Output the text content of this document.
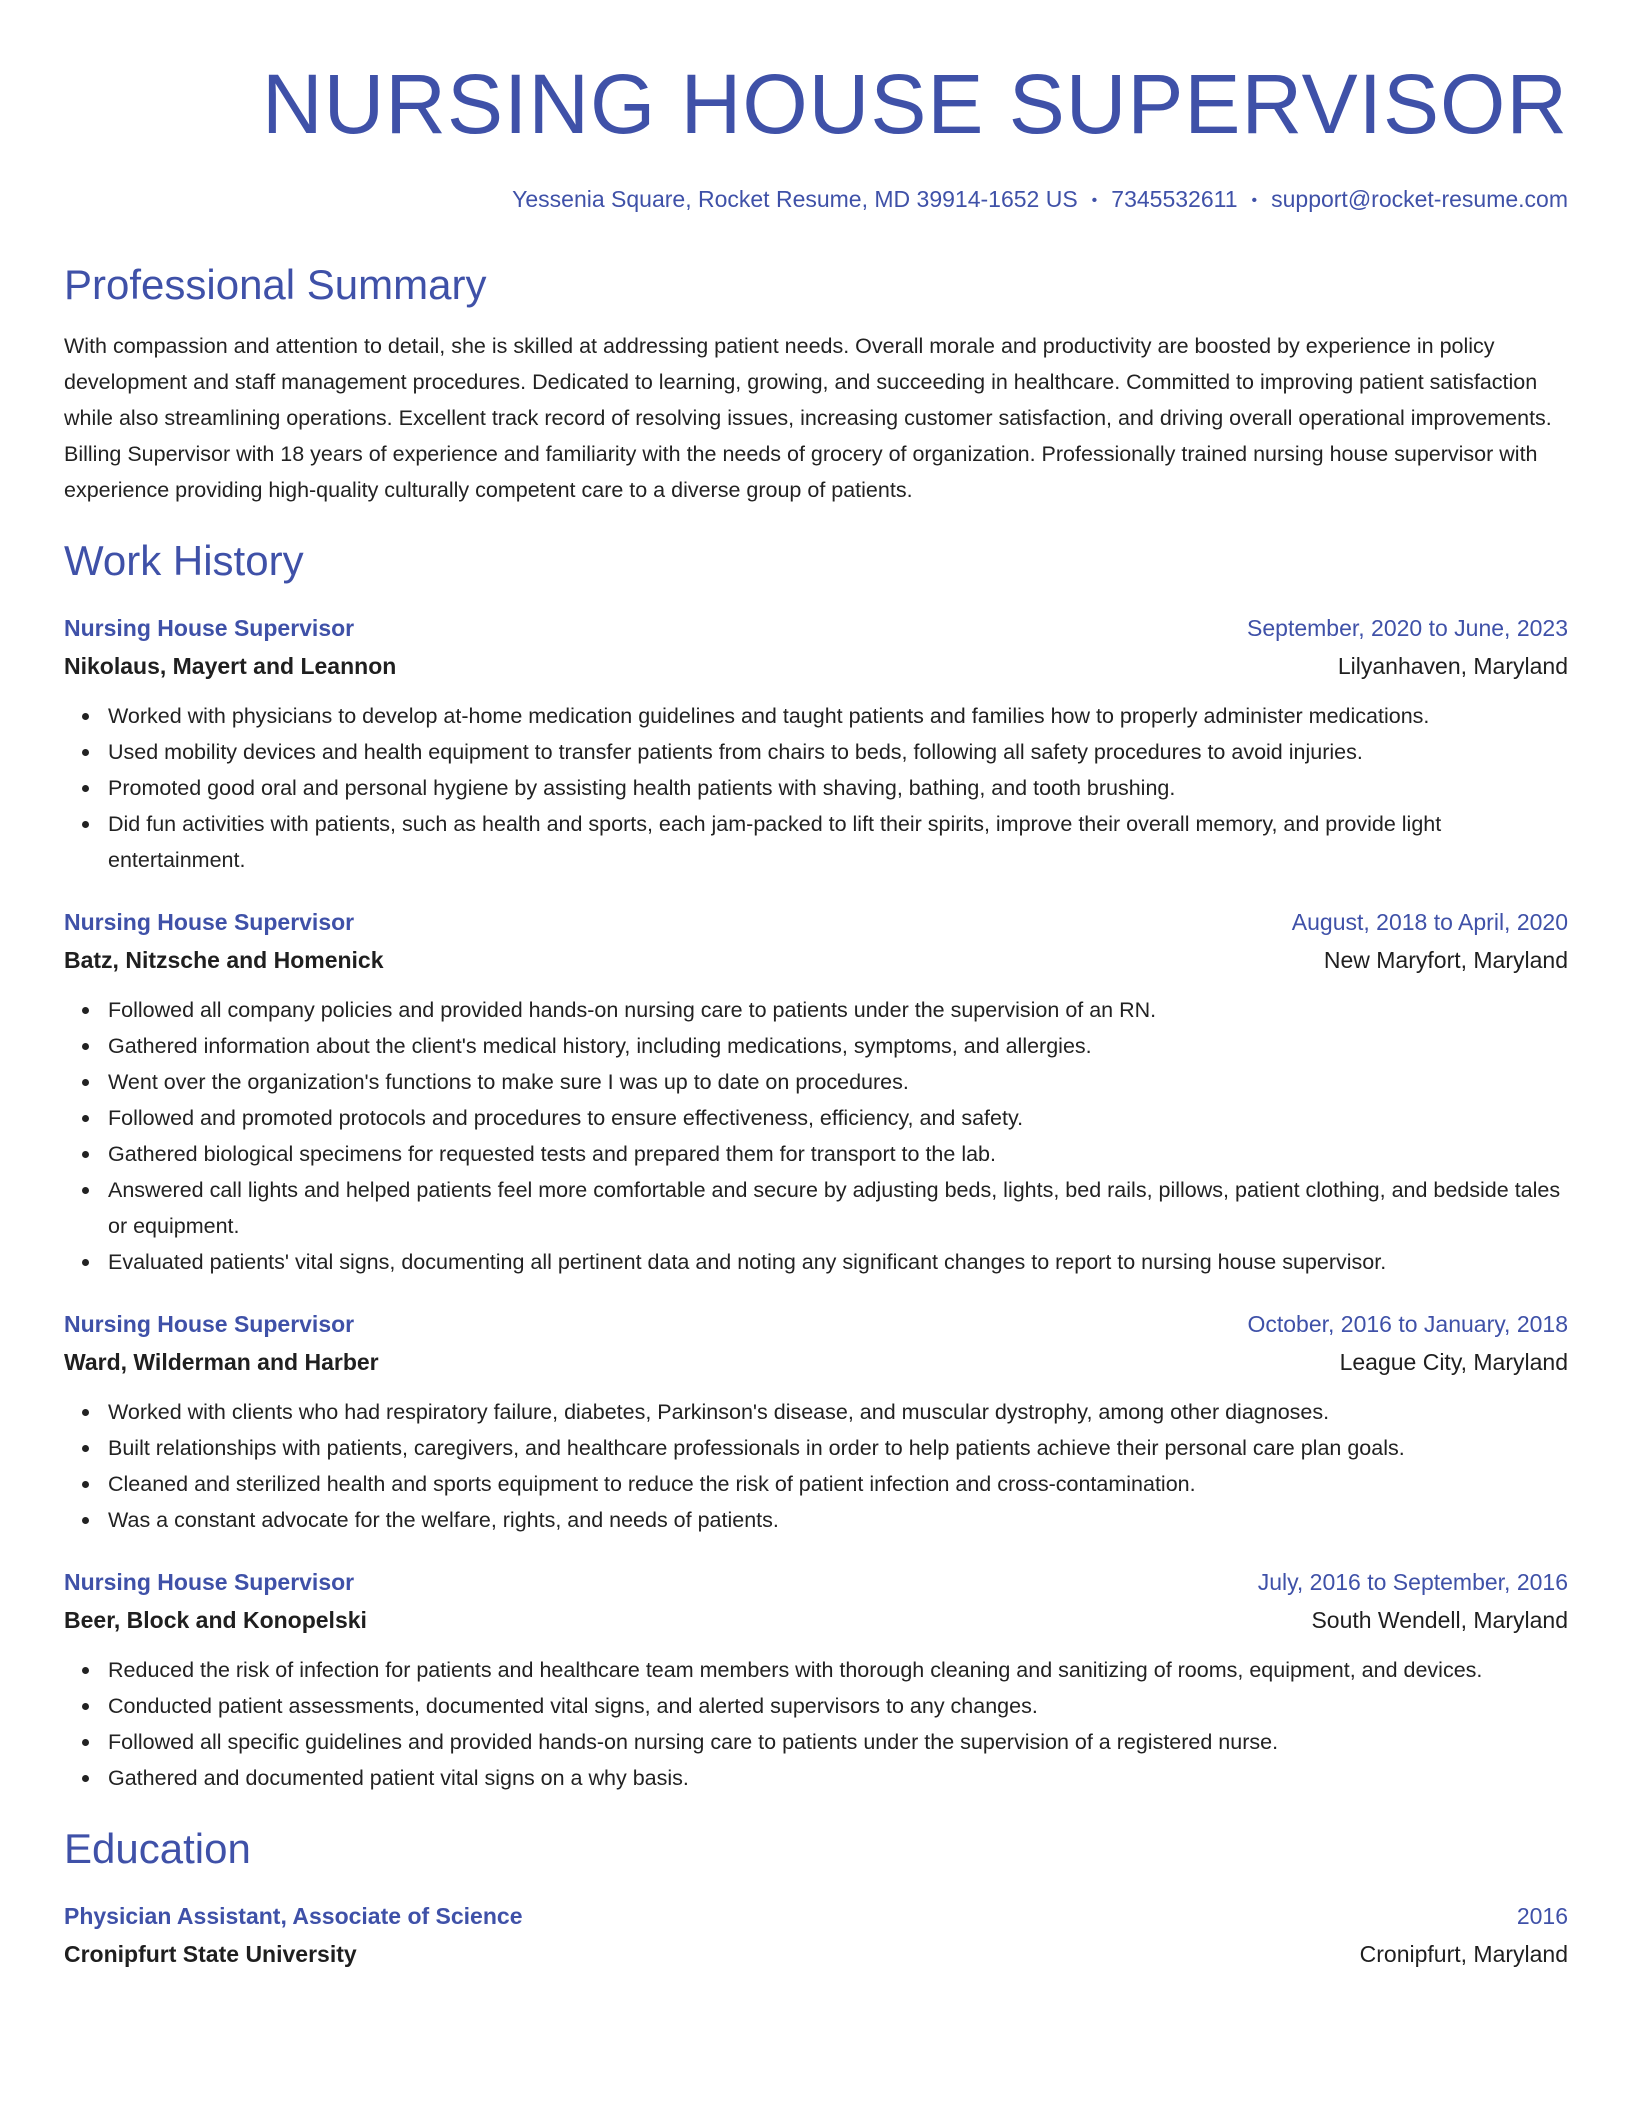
NURSING HOUSE SUPERVISOR
Yessenia Square, Rocket Resume, MD 39914-1652 US • 7345532611 • support@rocket-resume.com
Professional Summary

With compassion and attention to detail, she is skilled at addressing patient needs. Overall morale and productivity are boosted by experience in policy development and staff management procedures. Dedicated to learning, growing, and succeeding in healthcare. Committed to improving patient satisfaction while also streamlining operations. Excellent track record of resolving issues, increasing customer satisfaction, and driving overall operational improvements. Billing Supervisor with 18 years of experience and familiarity with the needs of grocery of organization. Professionally trained nursing house supervisor with experience providing high-quality culturally competent care to a diverse group of patients.

Work History
Nursing House Supervisor	September, 2020 to June, 2023
Nikolaus, Mayert and Leannon	Lilyanhaven, Maryland
Worked with physicians to develop at-home medication guidelines and taught patients and families how to properly administer medications.
Used mobility devices and health equipment to transfer patients from chairs to beds, following all safety procedures to avoid injuries.
Promoted good oral and personal hygiene by assisting health patients with shaving, bathing, and tooth brushing.
Did fun activities with patients, such as health and sports, each jam-packed to lift their spirits, improve their overall memory, and provide light entertainment.
Nursing House Supervisor	August, 2018 to April, 2020
Batz, Nitzsche and Homenick	New Maryfort, Maryland
Followed all company policies and provided hands-on nursing care to patients under the supervision of an RN.
Gathered information about the client's medical history, including medications, symptoms, and allergies.
Went over the organization's functions to make sure I was up to date on procedures.
Followed and promoted protocols and procedures to ensure effectiveness, efficiency, and safety.
Gathered biological specimens for requested tests and prepared them for transport to the lab.
Answered call lights and helped patients feel more comfortable and secure by adjusting beds, lights, bed rails, pillows, patient clothing, and bedside tales or equipment.
Evaluated patients' vital signs, documenting all pertinent data and noting any significant changes to report to nursing house supervisor.
Nursing House Supervisor	October, 2016 to January, 2018
Ward, Wilderman and Harber	League City, Maryland
Worked with clients who had respiratory failure, diabetes, Parkinson's disease, and muscular dystrophy, among other diagnoses.
Built relationships with patients, caregivers, and healthcare professionals in order to help patients achieve their personal care plan goals.
Cleaned and sterilized health and sports equipment to reduce the risk of patient infection and cross-contamination.
Was a constant advocate for the welfare, rights, and needs of patients.
Nursing House Supervisor	July, 2016 to September, 2016
Beer, Block and Konopelski	South Wendell, Maryland
Reduced the risk of infection for patients and healthcare team members with thorough cleaning and sanitizing of rooms, equipment, and devices.
Conducted patient assessments, documented vital signs, and alerted supervisors to any changes.
Followed all specific guidelines and provided hands-on nursing care to patients under the supervision of a registered nurse.
Gathered and documented patient vital signs on a why basis.
Education
Physician Assistant, Associate of Science	2016
Cronipfurt State University	Cronipfurt, Maryland
